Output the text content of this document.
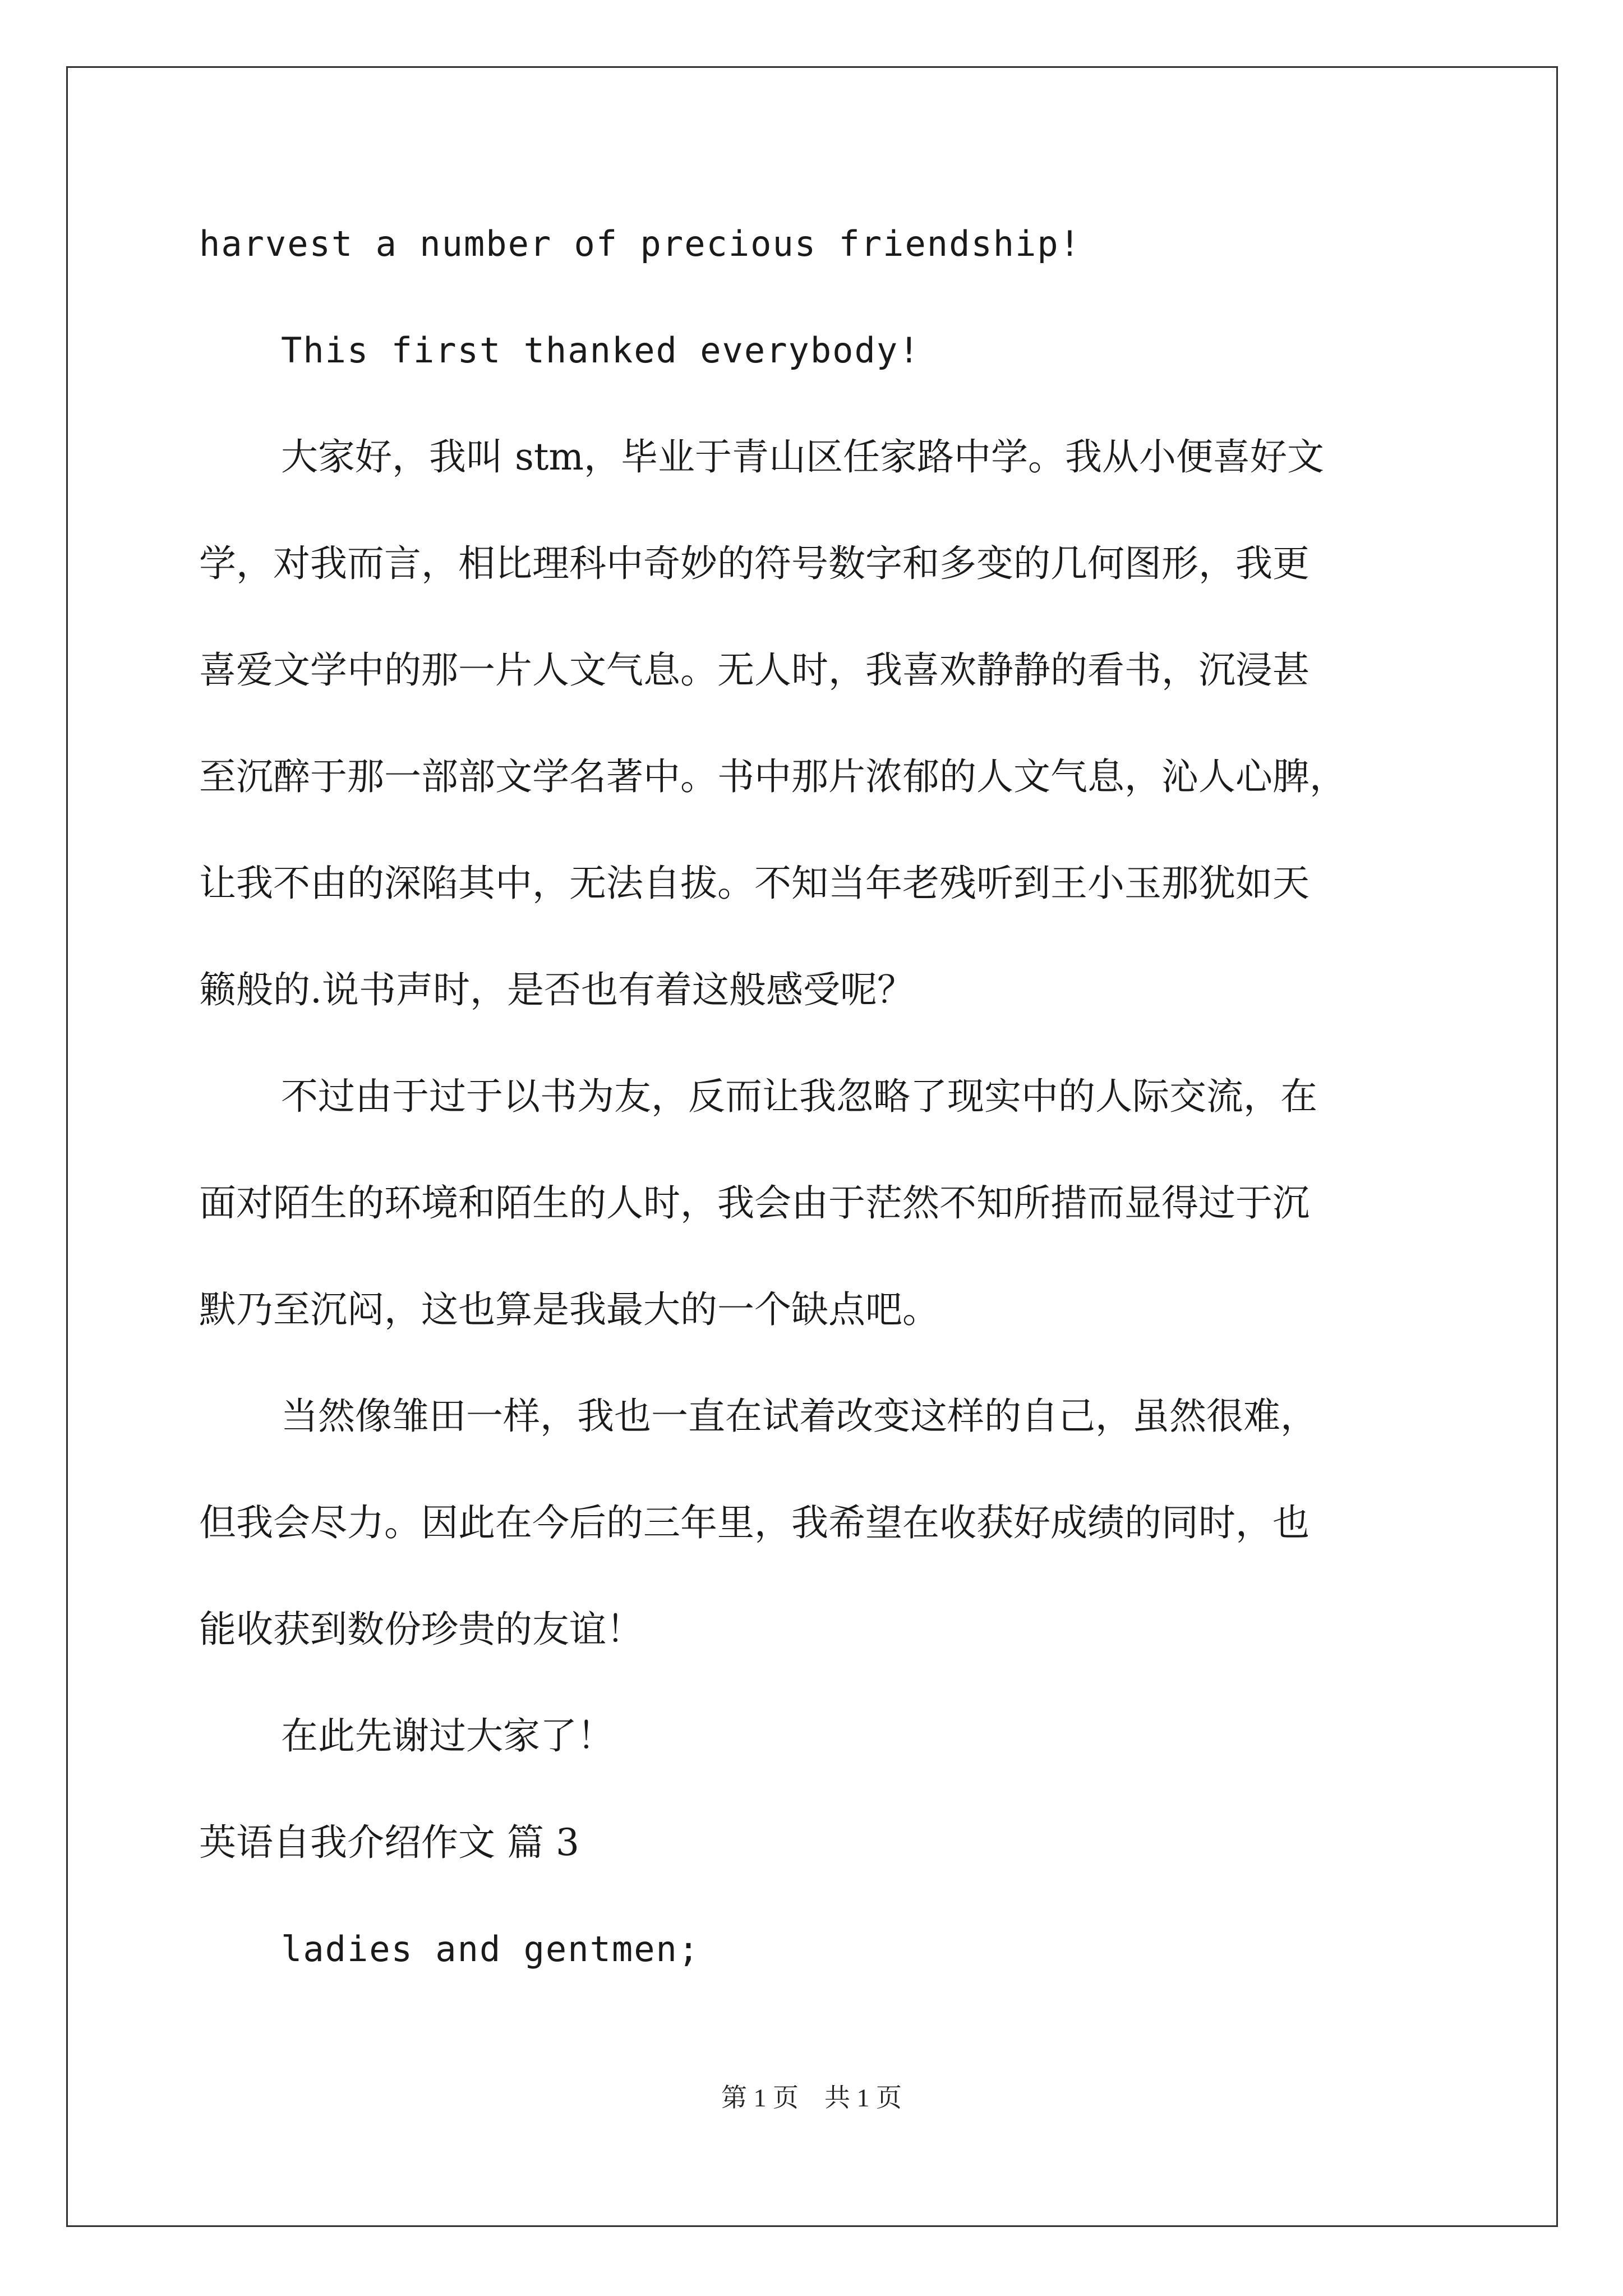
harvest a number of precious friendship!
This first thanked everybody!
大家好，我叫 stm，毕业于青山区任家路中学。我从小便喜好文
学，对我而言，相比理科中奇妙的符号数字和多变的几何图形，我更
喜爱文学中的那一片人文气息。无人时，我喜欢静静的看书，沉浸甚
至沉醉于那一部部文学名著中。书中那片浓郁的人文气息，沁人心脾，
让我不由的深陷其中，无法自拔。不知当年老残听到王小玉那犹如天
籁般的.说书声时，是否也有着这般感受呢？
不过由于过于以书为友，反而让我忽略了现实中的人际交流，在
面对陌生的环境和陌生的人时，我会由于茫然不知所措而显得过于沉
默乃至沉闷，这也算是我最大的一个缺点吧。
当然像雏田一样，我也一直在试着改变这样的自己，虽然很难，
但我会尽力。因此在今后的三年里，我希望在收获好成绩的同时，也
能收获到数份珍贵的友谊！
在此先谢过大家了！
英语自我介绍作文 篇 3
ladies and gentmen;
第 1 页　共 1 页
